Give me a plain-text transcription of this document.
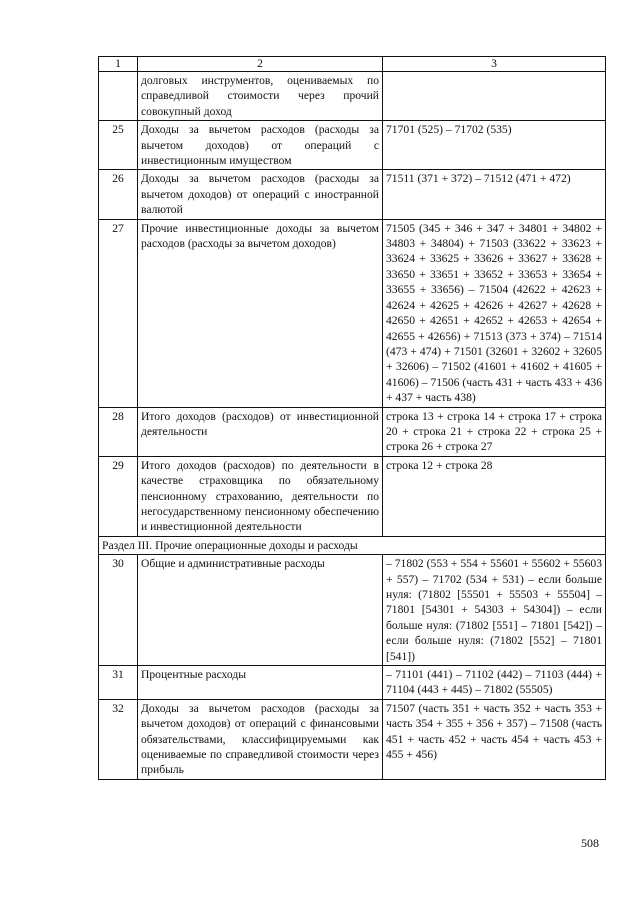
1	2	3
	долговых инструментов, оцениваемых по справедливой стоимости через прочий совокупный доход	
25	Доходы за вычетом расходов (расходы за вычетом доходов) от операций с инвестиционным имуществом	71701 (525) – 71702 (535)
26	Доходы за вычетом расходов (расходы за вычетом доходов) от операций с иностранной валютой	71511 (371 + 372) – 71512 (471 + 472)
27	Прочие инвестиционные доходы за вычетом расходов (расходы за вычетом доходов)	71505 (345 + 346 + 347 + 34801 + 34802 + 34803 + 34804) + 71503 (33622 + 33623 + 33624 + 33625 + 33626 + 33627 + 33628 + 33650 + 33651 + 33652 + 33653 + 33654 + 33655 + 33656) – 71504 (42622 + 42623 + 42624 + 42625 + 42626 + 42627 + 42628 + 42650 + 42651 + 42652 + 42653 + 42654 + 42655 + 42656) + 71513 (373 + 374) – 71514 (473 + 474) + 71501 (32601 + 32602 + 32605 + 32606) – 71502 (41601 + 41602 + 41605 + 41606) – 71506 (часть 431 + часть 433 + 436 + 437 + часть 438)
28	Итого доходов (расходов) от инвестиционной деятельности	строка 13 + строка 14 + строка 17 + строка 20 + строка 21 + строка 22 + строка 25 + строка 26 + строка 27
29	Итого доходов (расходов) по деятельности в качестве страховщика по обязательному пенсионному страхованию, деятельности по негосударственному пенсионному обеспечению и инвестиционной деятельности	строка 12 + строка 28
Раздел III. Прочие операционные доходы и расходы		
30	Общие и административные расходы	– 71802 (553 + 554 + 55601 + 55602 + 55603 + 557) – 71702 (534 + 531) – если больше нуля: (71802 [55501 + 55503 + 55504] – 71801 [54301 + 54303 + 54304]) – если больше нуля: (71802 [551] – 71801 [542]) – если больше нуля: (71802 [552] – 71801 [541])
31	Процентные расходы	– 71101 (441) – 71102 (442) – 71103 (444) + 71104 (443 + 445) – 71802 (55505)
32	Доходы за вычетом расходов (расходы за вычетом доходов) от операций с финансовыми обязательствами, классифицируемыми как оцениваемые по справедливой стоимости через прибыль	71507 (часть 351 + часть 352 + часть 353 + часть 354 + 355 + 356 + 357) – 71508 (часть 451 + часть 452 + часть 454 + часть 453 + 455 + 456)
508
